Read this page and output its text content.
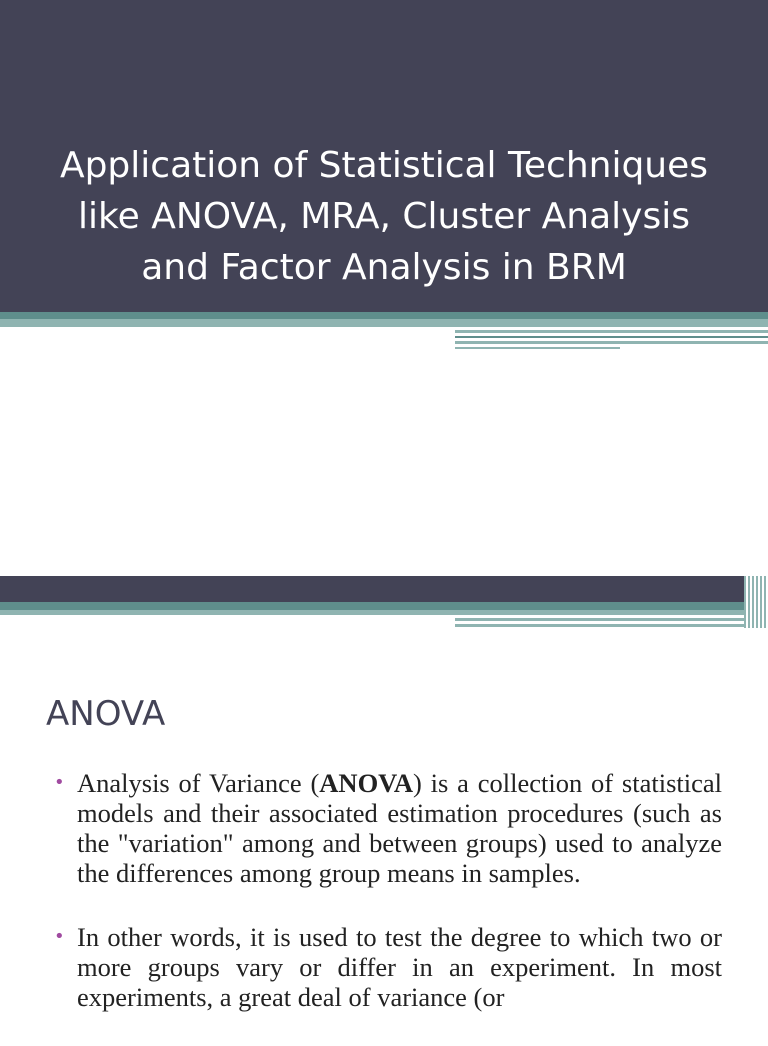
Application of Statistical Techniques
like ANOVA, MRA, Cluster Analysis
and Factor Analysis in BRM
ANOVA
• Analysis of Variance (ANOVA) is a collection of statistical models and their associated estimation procedures (such as the "variation" among and between groups) used to analyze the differences among group means in samples.
• In other words, it is used to test the degree to which two or more groups vary or differ in an experiment. In most experiments, a great deal of variance (or
